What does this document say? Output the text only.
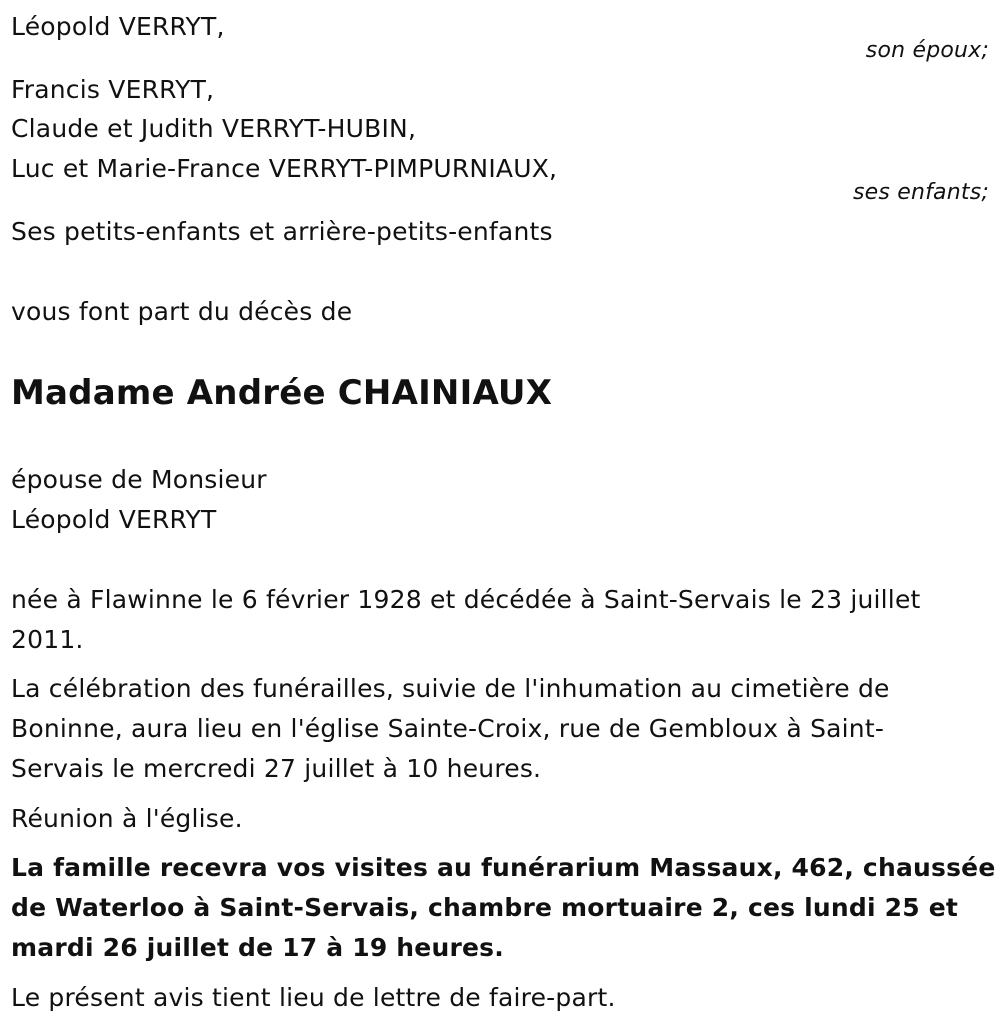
Léopold VERRYT,
son époux;
Francis VERRYT,
Claude et Judith VERRYT-HUBIN,
Luc et Marie-France VERRYT-PIMPURNIAUX,
ses enfants;
Ses petits-enfants et arrière-petits-enfants
vous font part du décès de
Madame Andrée CHAINIAUX
épouse de Monsieur
Léopold VERRYT
née à Flawinne le 6 février 1928 et décédée à Saint-Servais le 23 juillet
2011.
La célébration des funérailles, suivie de l'inhumation au cimetière de
Boninne, aura lieu en l'église Sainte-Croix, rue de Gembloux à Saint-
Servais le mercredi 27 juillet à 10 heures.
Réunion à l'église.
La famille recevra vos visites au funérarium Massaux, 462, chaussée
de Waterloo à Saint-Servais, chambre mortuaire 2, ces lundi 25 et
mardi 26 juillet de 17 à 19 heures.
Le présent avis tient lieu de lettre de faire-part.
